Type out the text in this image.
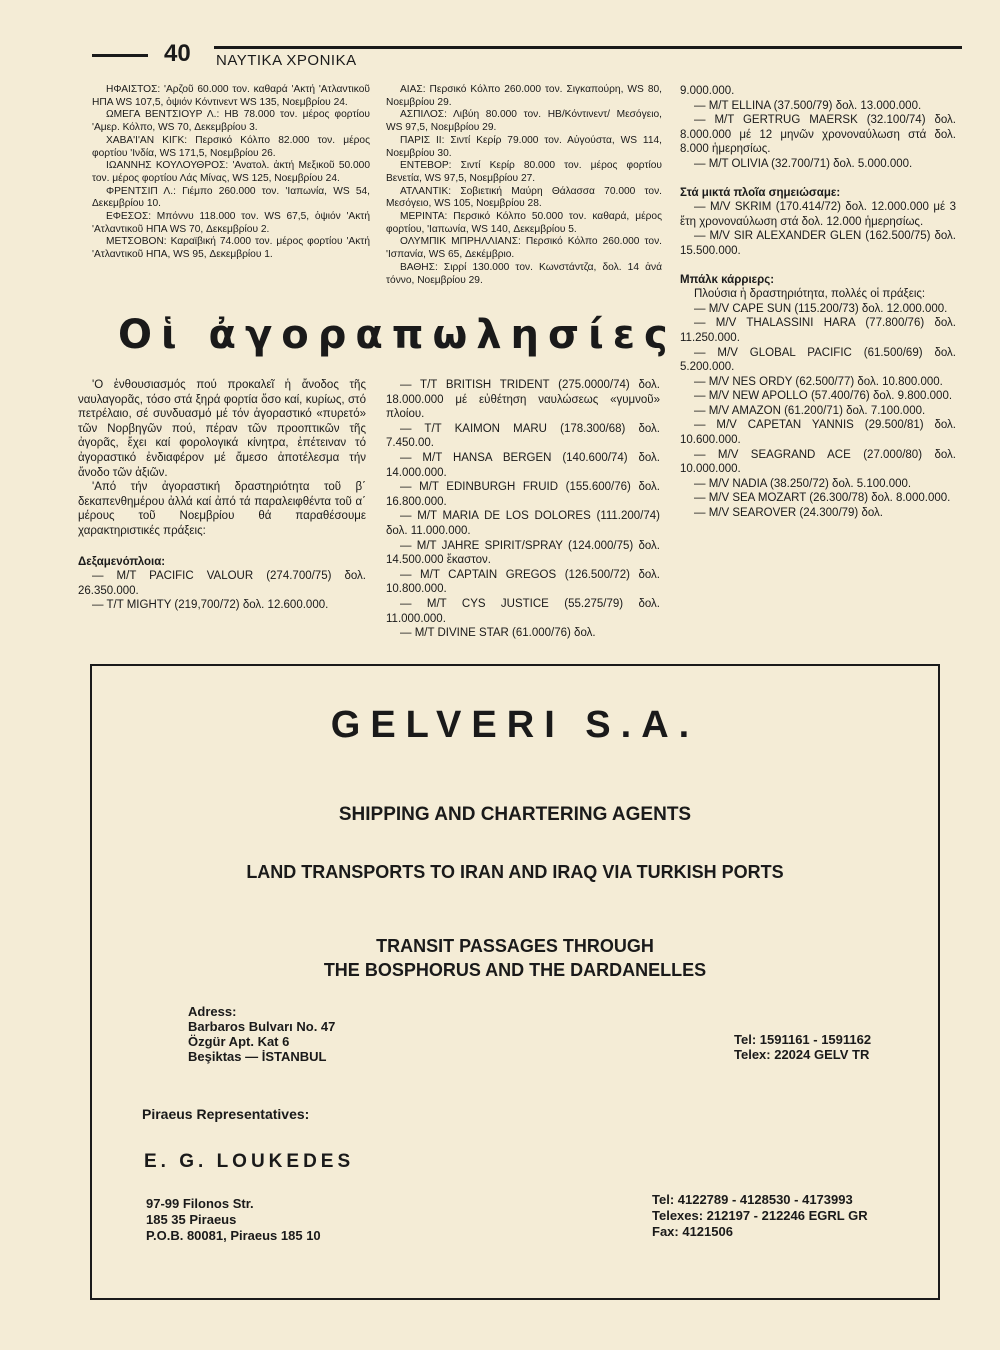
40 ΝΑΥΤΙΚΑ ΧΡΟΝΙΚΑ

ΗΦΑΙΣΤΟΣ: 'Αρζοῦ 60.000 τον. καθαρά 'Ακτή 'Ατλαντικοῦ ΗΠΑ WS 107,5, ὀψιόν Κόντινεντ WS 135, Νοεμβρίου 24.

ΩΜΕΓΑ ΒΕΝΤΣΙΟΥΡ Λ.: ΗΒ 78.000 τον. μέρος φορτίου 'Αμερ. Κόλπο, WS 70, Δεκεμβρίου 3.

ΧΑΒΑ'Ι'ΑΝ ΚΙΓΚ: Περσικό Κόλπο 82.000 τον. μέρος φορτίου 'Ινδία, WS 171,5, Νοεμβρίου 26.

ΙΩΑΝΝΗΣ ΚΟΥΛΟΥΘΡΟΣ: 'Ανατολ. ἀκτή Μεξικοῦ 50.000 τον. μέρος φορτίου Λάς Μίνας, WS 125, Νοεμβρίου 24.

ΦΡΕΝΤΣΙΠ Λ.: Γιέμπο 260.000 τον. 'Ιαπωνία, WS 54, Δεκεμβρίου 10.

ΕΦΕΣΟΣ: Μπόννυ 118.000 τον. WS 67,5, ὀψιόν 'Ακτή 'Ατλαντικοῦ ΗΠΑ WS 70, Δεκεμβρίου 2.

ΜΕΤΣΟΒΟΝ: Καραϊβική 74.000 τον. μέρος φορτίου 'Ακτή 'Ατλαντικοῦ ΗΠΑ, WS 95, Δεκεμβρίου 1.

ΑΙΑΣ: Περσικό Κόλπο 260.000 τον. Σιγκαπούρη, WS 80, Νοεμβρίου 29.

ΑΣΠΙΛΟΣ: Λιβύη 80.000 τον. ΗΒ/Κόντινεντ/ Μεσόγειο, WS 97,5, Νοεμβρίου 29.

ΠΑΡΙΣ ΙΙ: Σιντί Κερίρ 79.000 τον. Αὐγούστα, WS 114, Νοεμβρίου 30.

ΕΝΤΕΒΟΡ: Σιντί Κερίρ 80.000 τον. μέρος φορτίου Βενετία, WS 97,5, Νοεμβρίου 27.

ΑΤΛΑΝΤΙΚ: Σοβιετική Μαύρη Θάλασσα 70.000 τον. Μεσόγειο, WS 105, Νοεμβρίου 28.

ΜΕΡΙΝΤΑ: Περσικό Κόλπο 50.000 τον. καθαρά, μέρος φορτίου, 'Ιαπωνία, WS 140, Δεκεμβρίου 5.

ΟΛΥΜΠΙΚ ΜΠΡΗΛΛΙΑΝΣ: Περσικό Κόλπο 260.000 τον. 'Ισπανία, WS 65, Δεκέμβριο.

ΒΑΘΗΣ: Σιρρί 130.000 τον. Κωνστάντζα, δολ. 14 ἀνά τόννο, Νοεμβρίου 29.

Οἱ ἀγοραπωλησίες

'Ο ἐνθουσιασμός πού προκαλεῖ ἡ ἄνοδος τῆς ναυλαγορᾶς, τόσο στά ξηρά φορτία ὅσο καί, κυρίως, στό πετρέλαιο, σέ συνδυασμό μέ τόν ἀγοραστικό «πυρετό» τῶν Νορβηγῶν πού, πέραν τῶν προοπτικῶν τῆς ἀγορᾶς, ἔχει καί φορολογικά κίνητρα, ἐπέτειναν τό ἀγοραστικό ἐνδιαφέρον μέ ἄμεσο ἀποτέλεσμα τήν ἄνοδο τῶν ἀξιῶν.

'Από τήν ἀγοραστική δραστηριότητα τοῦ β΄ δεκαπενθημέρου ἀλλά καί ἀπό τά παραλειφθέντα τοῦ α΄ μέρους τοῦ Νοεμβρίου θά παραθέσουμε χαρακτηριστικές πράξεις:

Δεξαμενόπλοια:

— M/T PACIFIC VALOUR (274.700/75) δολ. 26.350.000.

— T/T MIGHTY (219,700/72) δολ. 12.600.000.

— T/T BRITISH TRIDENT (275.0000/74) δολ. 18.000.000 μέ εὐθέτηση ναυλώσεως «γυμνοῦ» πλοίου.

— T/T KAIMON MARU (178.300/68) δολ. 7.450.00.

— M/T HANSA BERGEN (140.600/74) δολ. 14.000.000.

— M/T EDINBURGH FRUID (155.600/76) δολ. 16.800.000.

— M/T MARIA DE LOS DOLORES (111.200/74) δολ. 11.000.000.

— M/T JAHRE SPIRIT/SPRAY (124.000/75) δολ. 14.500.000 ἕκαστον.

— M/T CAPTAIN GREGOS (126.500/72) δολ. 10.800.000.

— M/T CYS JUSTICE (55.275/79) δολ. 11.000.000.

— M/T DIVINE STAR (61.000/76) δολ.

9.000.000.

— M/T ELLINA (37.500/79) δολ. 13.000.000.

— M/T GERTRUG MAERSK (32.100/74) δολ. 8.000.000 μέ 12 μηνῶν χρονοναύλωση στά δολ. 8.000 ἡμερησίως.

— M/T OLIVIA (32.700/71) δολ. 5.000.000.

Στά μικτά πλοῖα σημειώσαμε:

— M/V SKRIM (170.414/72) δολ. 12.000.000 μέ 3 ἔτη χρονοναύλωση στά δολ. 12.000 ἡμερησίως.

— M/V SIR ALEXANDER GLEN (162.500/75) δολ. 15.500.000.

Μπάλκ κάρριερς:

Πλούσια ἡ δραστηριότητα, πολλές οἱ πράξεις:

— M/V CAPE SUN (115.200/73) δολ. 12.000.000.

— M/V THALASSINI HARA (77.800/76) δολ. 11.250.000.

— M/V GLOBAL PACIFIC (61.500/69) δολ. 5.200.000.

— M/V NES ORDY (62.500/77) δολ. 10.800.000.

— M/V NEW APOLLO (57.400/76) δολ. 9.800.000.

— M/V AMAZON (61.200/71) δολ. 7.100.000.

— M/V CAPETAN YANNIS (29.500/81) δολ. 10.600.000.

— M/V SEAGRAND ACE (27.000/80) δολ. 10.000.000.

— M/V NADIA (38.250/72) δολ. 5.100.000.

— M/V SEA MOZART (26.300/78) δολ. 8.000.000.

— M/V SEAROVER (24.300/79) δολ.

GELVERI S.A.
SHIPPING AND CHARTERING AGENTS
LAND TRANSPORTS TO IRAN AND IRAQ VIA TURKISH PORTS
TRANSIT PASSAGES THROUGH
THE BOSPHORUS AND THE DARDANELLES
Adress:
Barbaros Bulvarı No. 47
Özgür Apt. Kat 6
Beşiktas — İSTANBUL
Tel: 1591161 - 1591162
Telex: 22024 GELV TR
Piraeus Representatives:
E. G. LOUKEDES
97-99 Filonos Str.
185 35 Piraeus
P.O.B. 80081, Piraeus 185 10
Tel: 4122789 - 4128530 - 4173993
Telexes: 212197 - 212246 EGRL GR
Fax: 4121506
